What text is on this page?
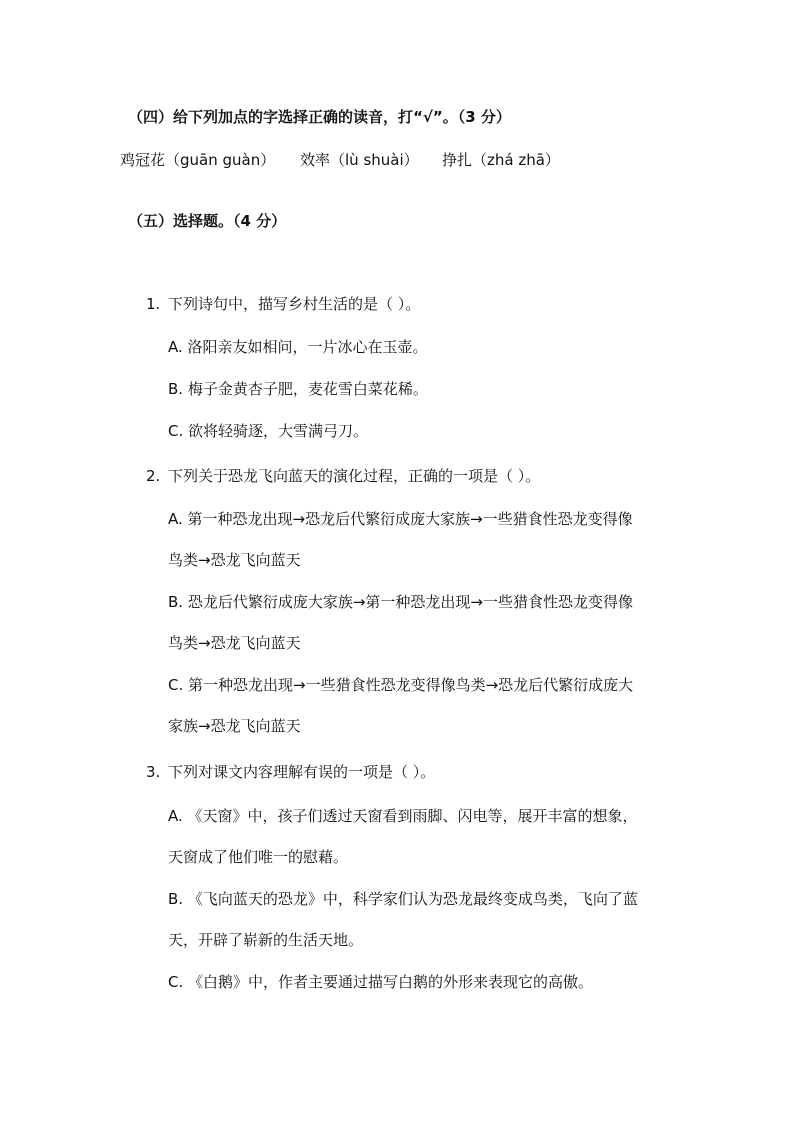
（四）给下列加点的字选择正确的读音，打“√”。（3 分）
鸡冠花（guān guàn） 效率（lù shuài） 挣扎（zhá zhā）
（五）选择题。（4 分）
1. 下列诗句中，描写乡村生活的是（ ）。
A. 洛阳亲友如相问，一片冰心在玉壶。
B. 梅子金黄杏子肥，麦花雪白菜花稀。
C. 欲将轻骑逐，大雪满弓刀。
2. 下列关于恐龙飞向蓝天的演化过程，正确的一项是（ ）。
A. 第一种恐龙出现→恐龙后代繁衍成庞大家族→一些猎食性恐龙变得像
鸟类→恐龙飞向蓝天
B. 恐龙后代繁衍成庞大家族→第一种恐龙出现→一些猎食性恐龙变得像
鸟类→恐龙飞向蓝天
C. 第一种恐龙出现→一些猎食性恐龙变得像鸟类→恐龙后代繁衍成庞大
家族→恐龙飞向蓝天
3. 下列对课文内容理解有误的一项是（ ）。
A. 《天窗》中，孩子们透过天窗看到雨脚、闪电等，展开丰富的想象，
天窗成了他们唯一的慰藉。
B. 《飞向蓝天的恐龙》中，科学家们认为恐龙最终变成鸟类，飞向了蓝
天，开辟了崭新的生活天地。
C. 《白鹅》中，作者主要通过描写白鹅的外形来表现它的高傲。
